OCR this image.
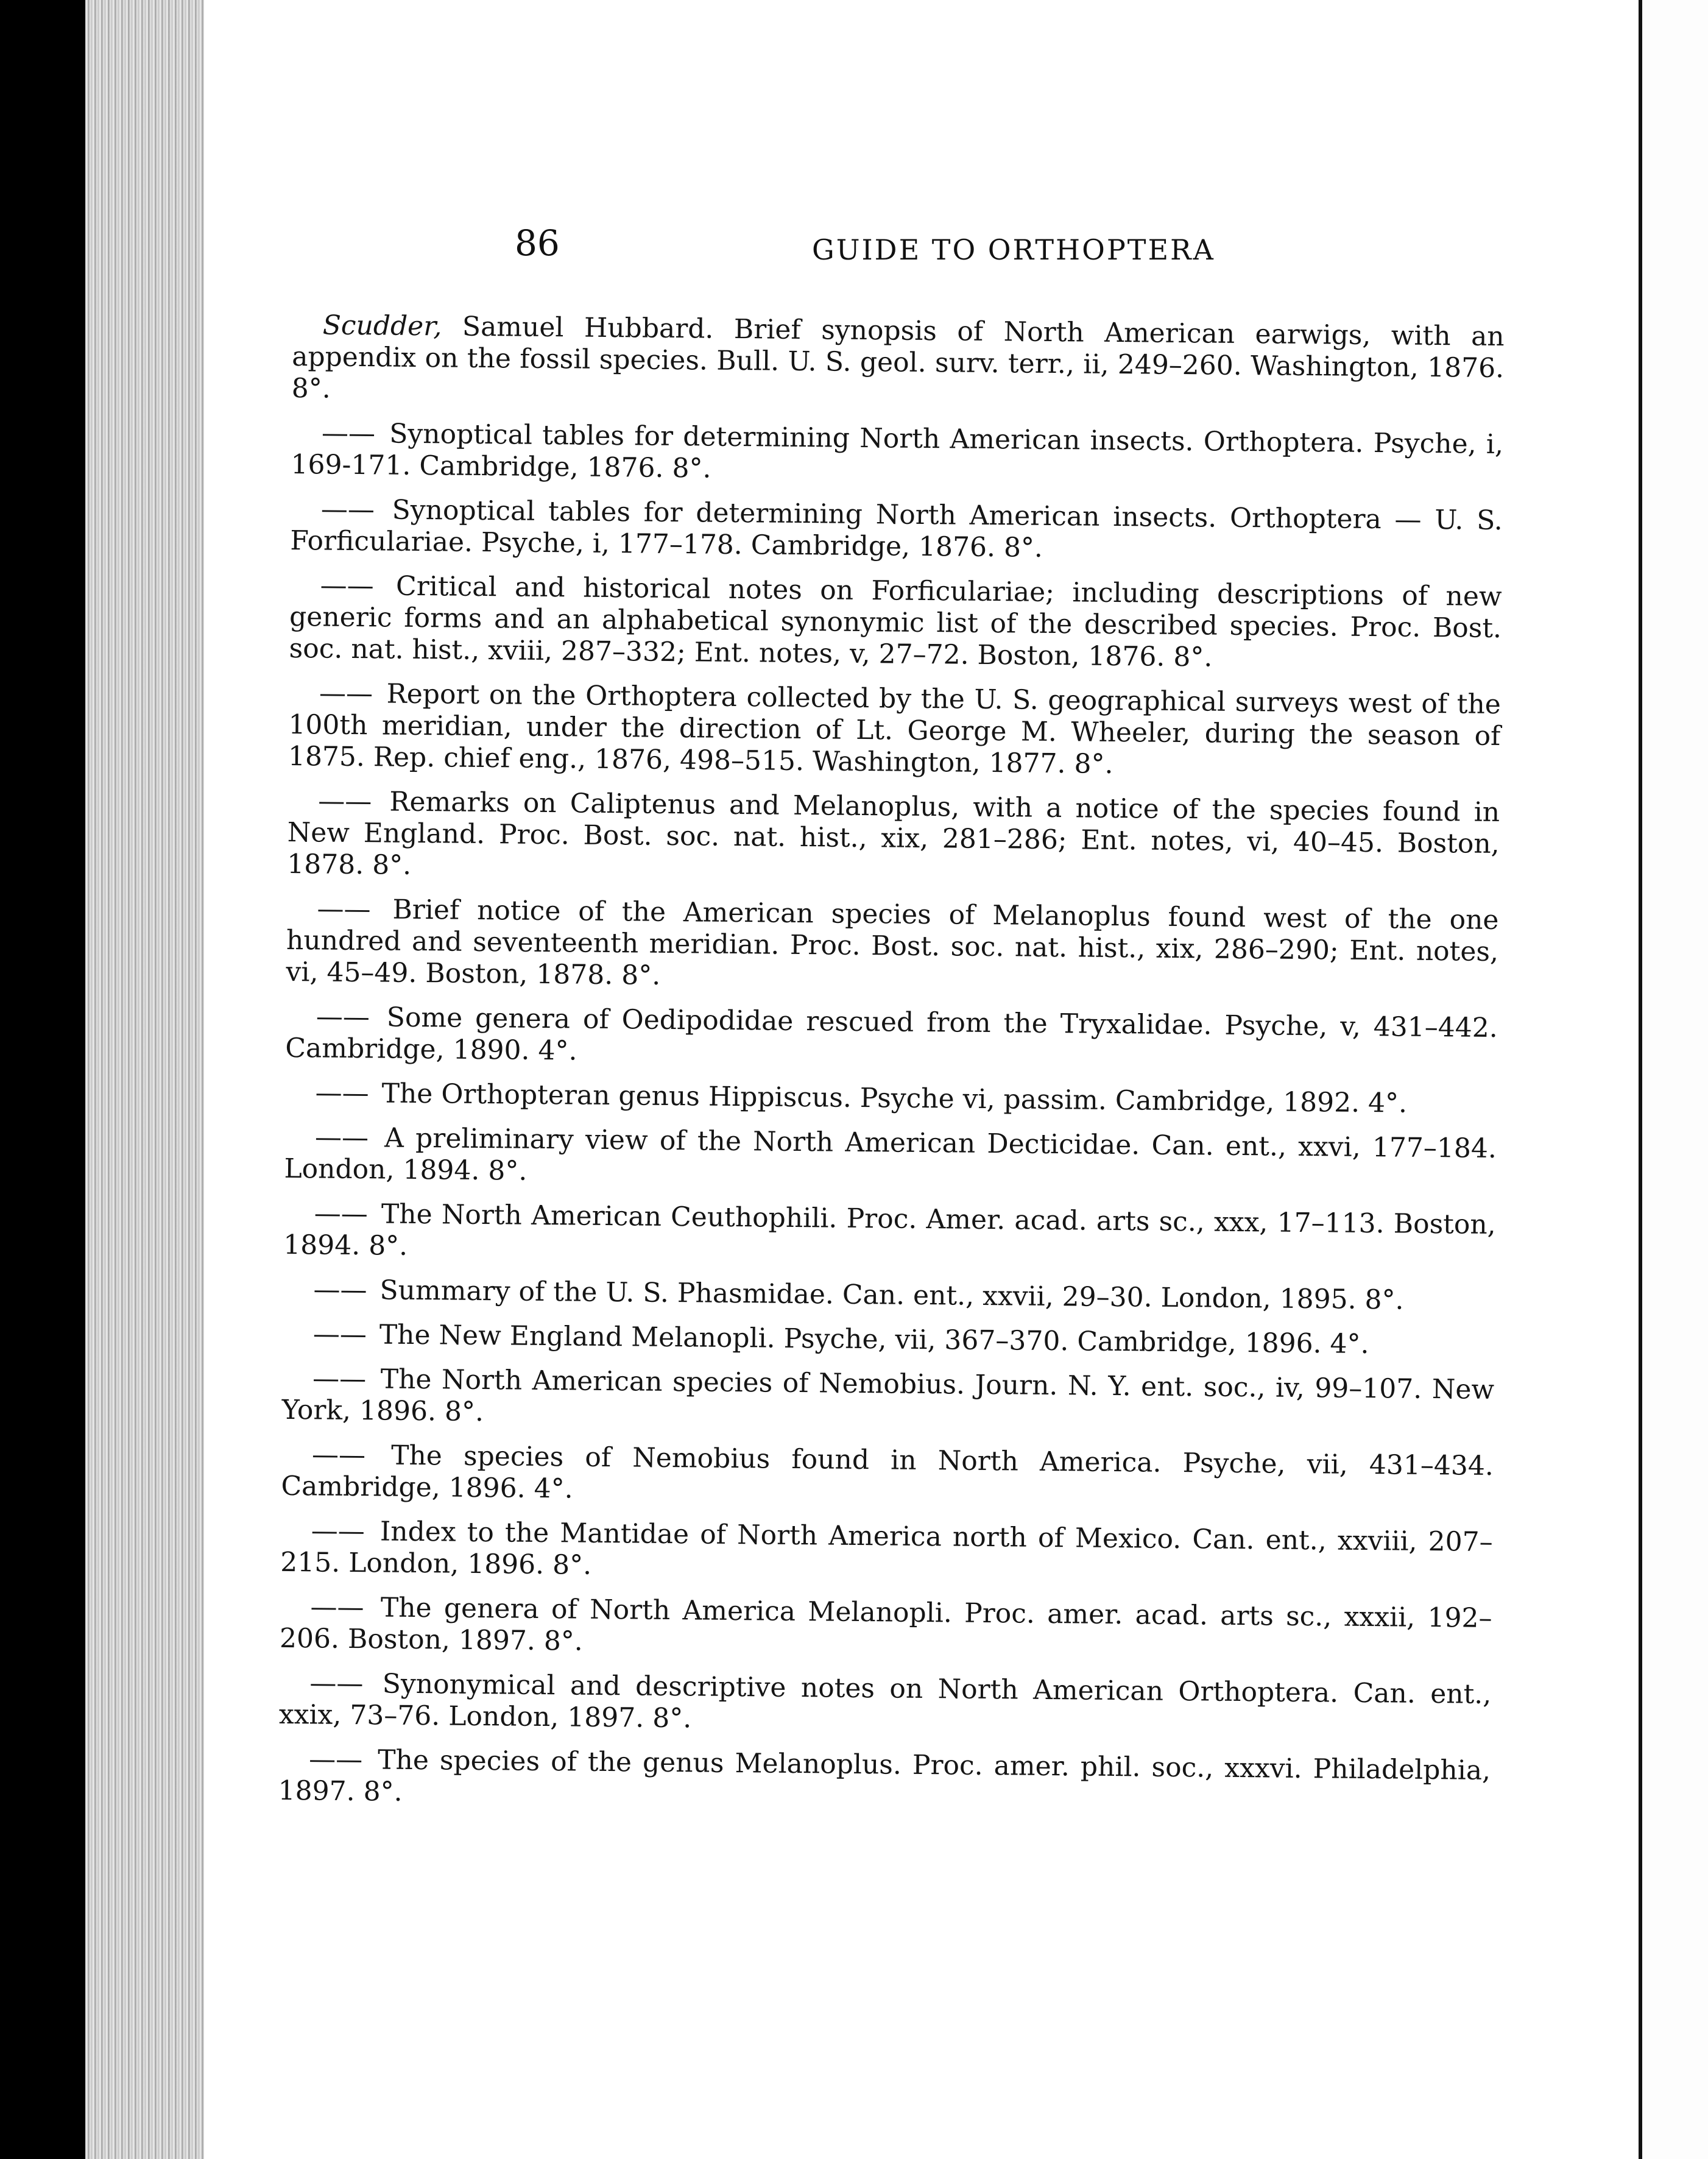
86	GUIDE TO ORTHOPTERA

Scudder, Samuel Hubbard. Brief synopsis of North American earwigs, with an appendix on the fossil species. Bull. U. S. geol. surv. terr., ii, 249–260. Washington, 1876. 8°.

—— Synoptical tables for determining North American insects. Orthoptera. Psyche, i, 169-171. Cambridge, 1876. 8°.

—— Synoptical tables for determining North American insects. Orthoptera — U. S. Forficulariae. Psyche, i, 177–178. Cambridge, 1876. 8°.

—— Critical and historical notes on Forficulariae; including descriptions of new generic forms and an alphabetical synonymic list of the described species. Proc. Bost. soc. nat. hist., xviii, 287–332; Ent. notes, v, 27–72. Boston, 1876. 8°.

—— Report on the Orthoptera collected by the U. S. geographical surveys west of the 100th meridian, under the direction of Lt. George M. Wheeler, during the season of 1875. Rep. chief eng., 1876, 498–515. Washington, 1877. 8°.

—— Remarks on Caliptenus and Melanoplus, with a notice of the species found in New England. Proc. Bost. soc. nat. hist., xix, 281–286; Ent. notes, vi, 40–45. Boston, 1878. 8°.

—— Brief notice of the American species of Melanoplus found west of the one hundred and seventeenth meridian. Proc. Bost. soc. nat. hist., xix, 286–290; Ent. notes, vi, 45–49. Boston, 1878. 8°.

—— Some genera of Oedipodidae rescued from the Tryxalidae. Psyche, v, 431–442. Cambridge, 1890. 4°.

—— The Orthopteran genus Hippiscus. Psyche vi, passim. Cambridge, 1892. 4°.

—— A preliminary view of the North American Decticidae. Can. ent., xxvi, 177–184. London, 1894. 8°.

—— The North American Ceuthophili. Proc. Amer. acad. arts sc., xxx, 17–113. Boston, 1894. 8°.

—— Summary of the U. S. Phasmidae. Can. ent., xxvii, 29–30. London, 1895. 8°.

—— The New England Melanopli. Psyche, vii, 367–370. Cambridge, 1896. 4°.

—— The North American species of Nemobius. Journ. N. Y. ent. soc., iv, 99–107. New York, 1896. 8°.

—— The species of Nemobius found in North America. Psyche, vii, 431–434. Cambridge, 1896. 4°.

—— Index to the Mantidae of North America north of Mexico. Can. ent., xxviii, 207–215. London, 1896. 8°.

—— The genera of North America Melanopli. Proc. amer. acad. arts sc., xxxii, 192–206. Boston, 1897. 8°.

—— Synonymical and descriptive notes on North American Orthoptera. Can. ent., xxix, 73–76. London, 1897. 8°.

—— The species of the genus Melanoplus. Proc. amer. phil. soc., xxxvi. Philadelphia, 1897. 8°.
